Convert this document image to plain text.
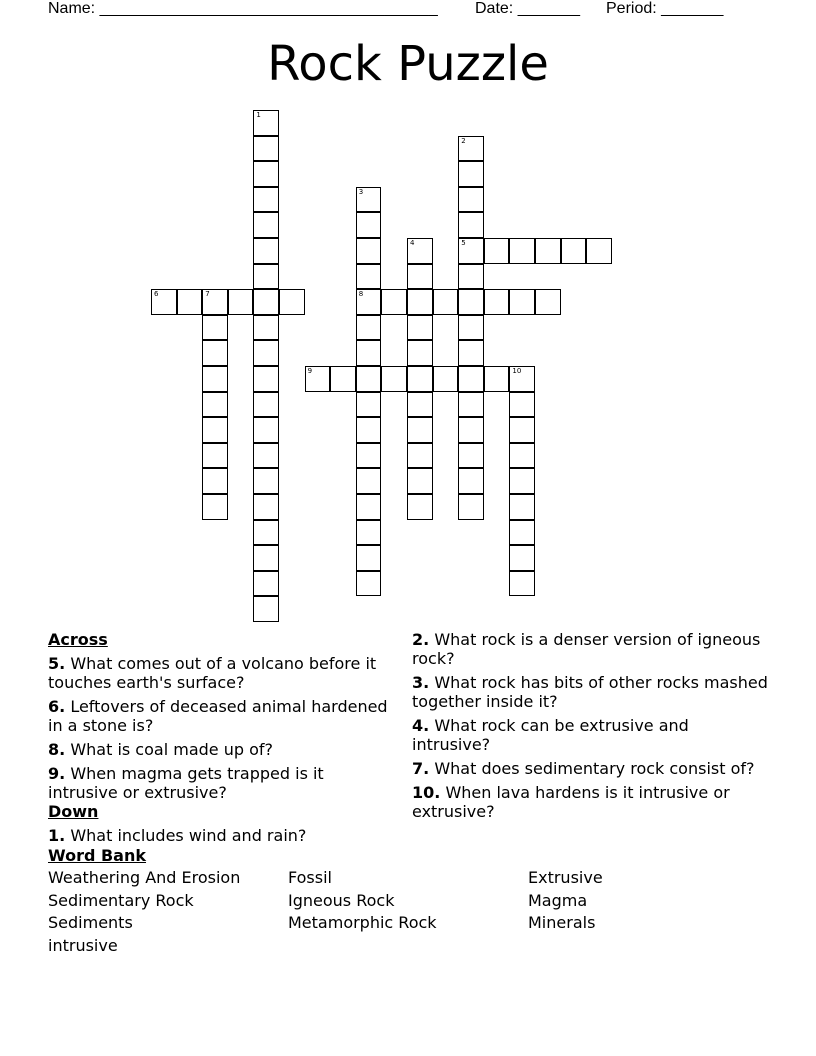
Name: ______________________________________ Date: _______ Period: _______
Rock Puzzle
1
2
5
3
8
4
6	7
9	10
Across
5. What comes out of a volcano before it touches earth's surface?
6. Leftovers of deceased animal hardened in a stone is?
8. What is coal made up of?
9. When magma gets trapped is it intrusive or extrusive?
Down
1. What includes wind and rain?
2. What rock is a denser version of igneous rock?
3. What rock has bits of other rocks mashed together inside it?
4. What rock can be extrusive and intrusive?
7. What does sedimentary rock consist of?
10. When lava hardens is it intrusive or extrusive?
Word Bank
Weathering And Erosion	Fossil	Extrusive
Sedimentary Rock	Igneous Rock	Magma
Sediments	Metamorphic Rock	Minerals
intrusive
